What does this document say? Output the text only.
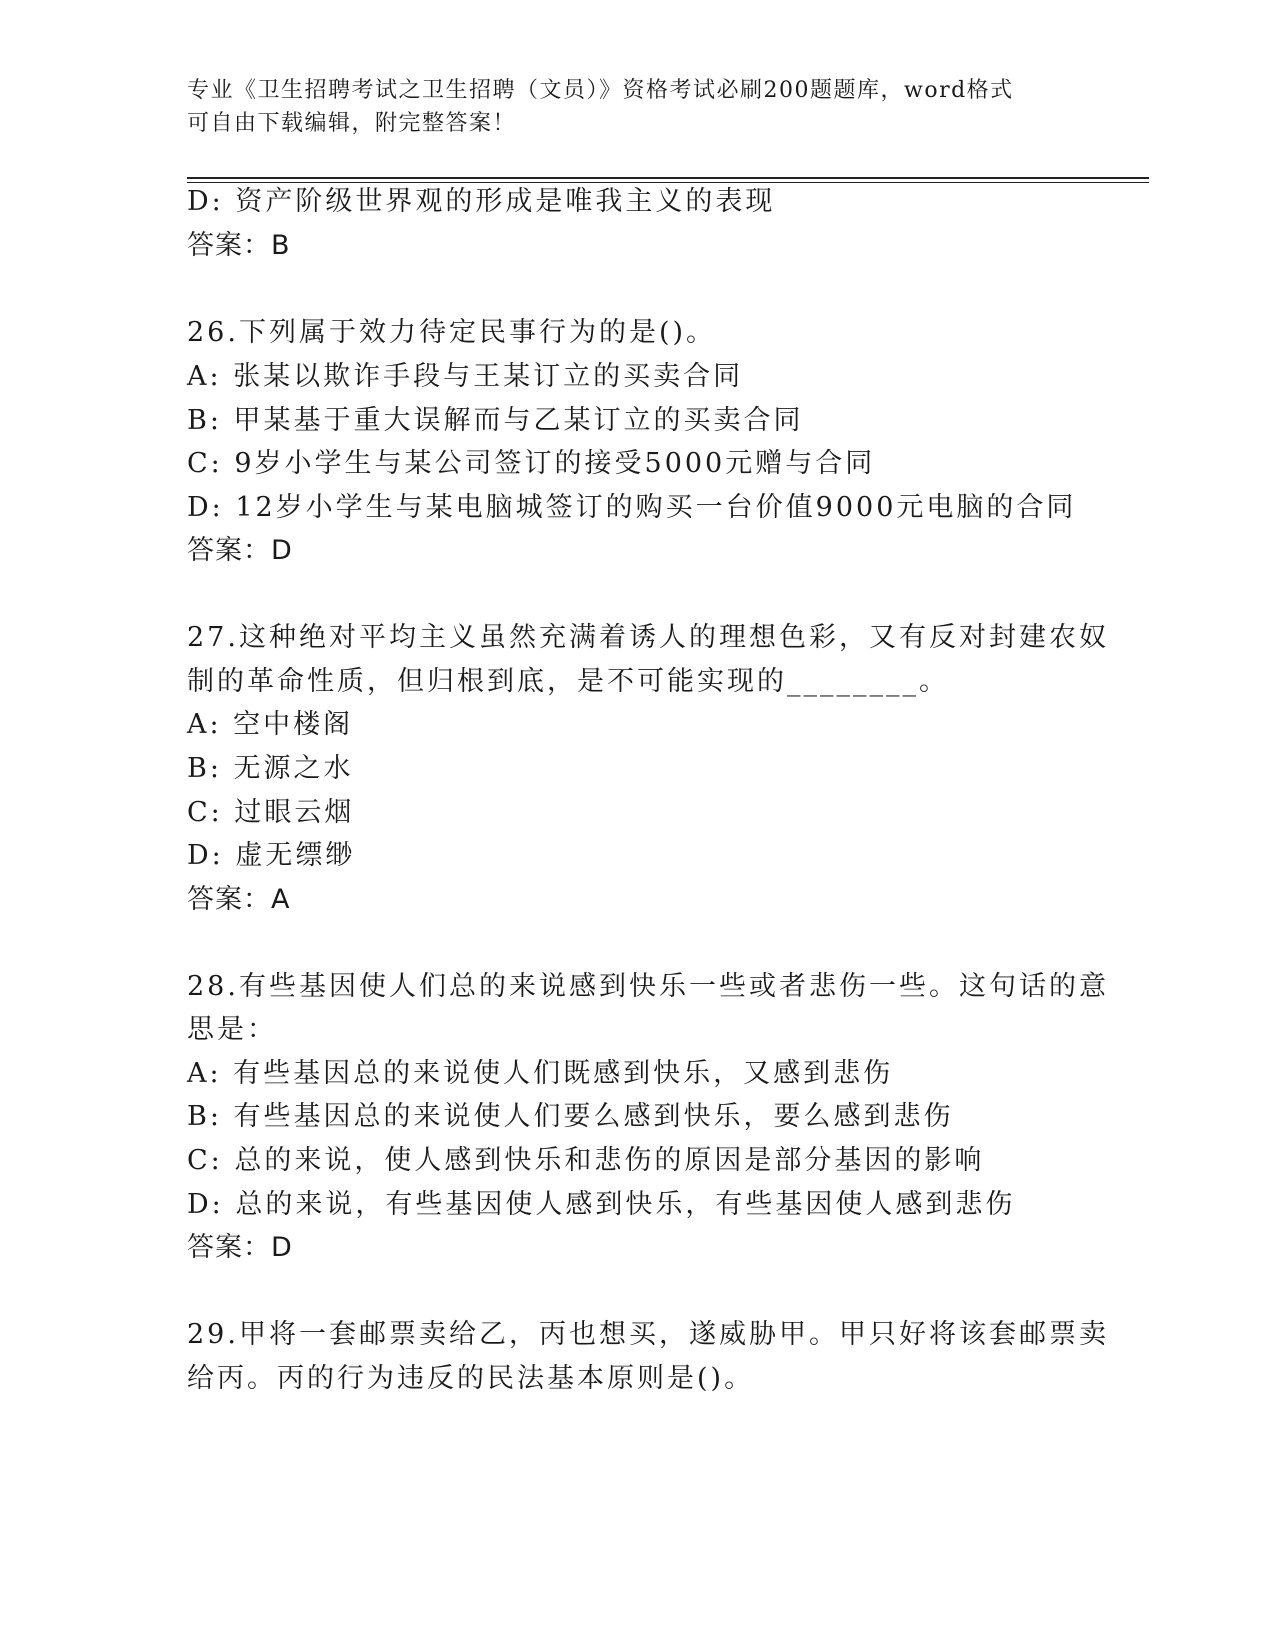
专业《卫生招聘考试之卫生招聘（文员）》资格考试必刷200题题库，word格式
可自由下载编辑，附完整答案！
D: 资产阶级世界观的形成是唯我主义的表现
答案：B
26.下列属于效力待定民事行为的是()。
A: 张某以欺诈手段与王某订立的买卖合同
B: 甲某基于重大误解而与乙某订立的买卖合同
C: 9岁小学生与某公司签订的接受5000元赠与合同
D: 12岁小学生与某电脑城签订的购买一台价值9000元电脑的合同
答案：D
27.这种绝对平均主义虽然充满着诱人的理想色彩，又有反对封建农奴
制的革命性质，但归根到底，是不可能实现的________。
A: 空中楼阁
B: 无源之水
C: 过眼云烟
D: 虚无缥缈
答案：A
28.有些基因使人们总的来说感到快乐一些或者悲伤一些。这句话的意
思是：
A: 有些基因总的来说使人们既感到快乐，又感到悲伤
B: 有些基因总的来说使人们要么感到快乐，要么感到悲伤
C: 总的来说，使人感到快乐和悲伤的原因是部分基因的影响
D: 总的来说，有些基因使人感到快乐，有些基因使人感到悲伤
答案：D
29.甲将一套邮票卖给乙，丙也想买，遂威胁甲。甲只好将该套邮票卖
给丙。丙的行为违反的民法基本原则是()。
